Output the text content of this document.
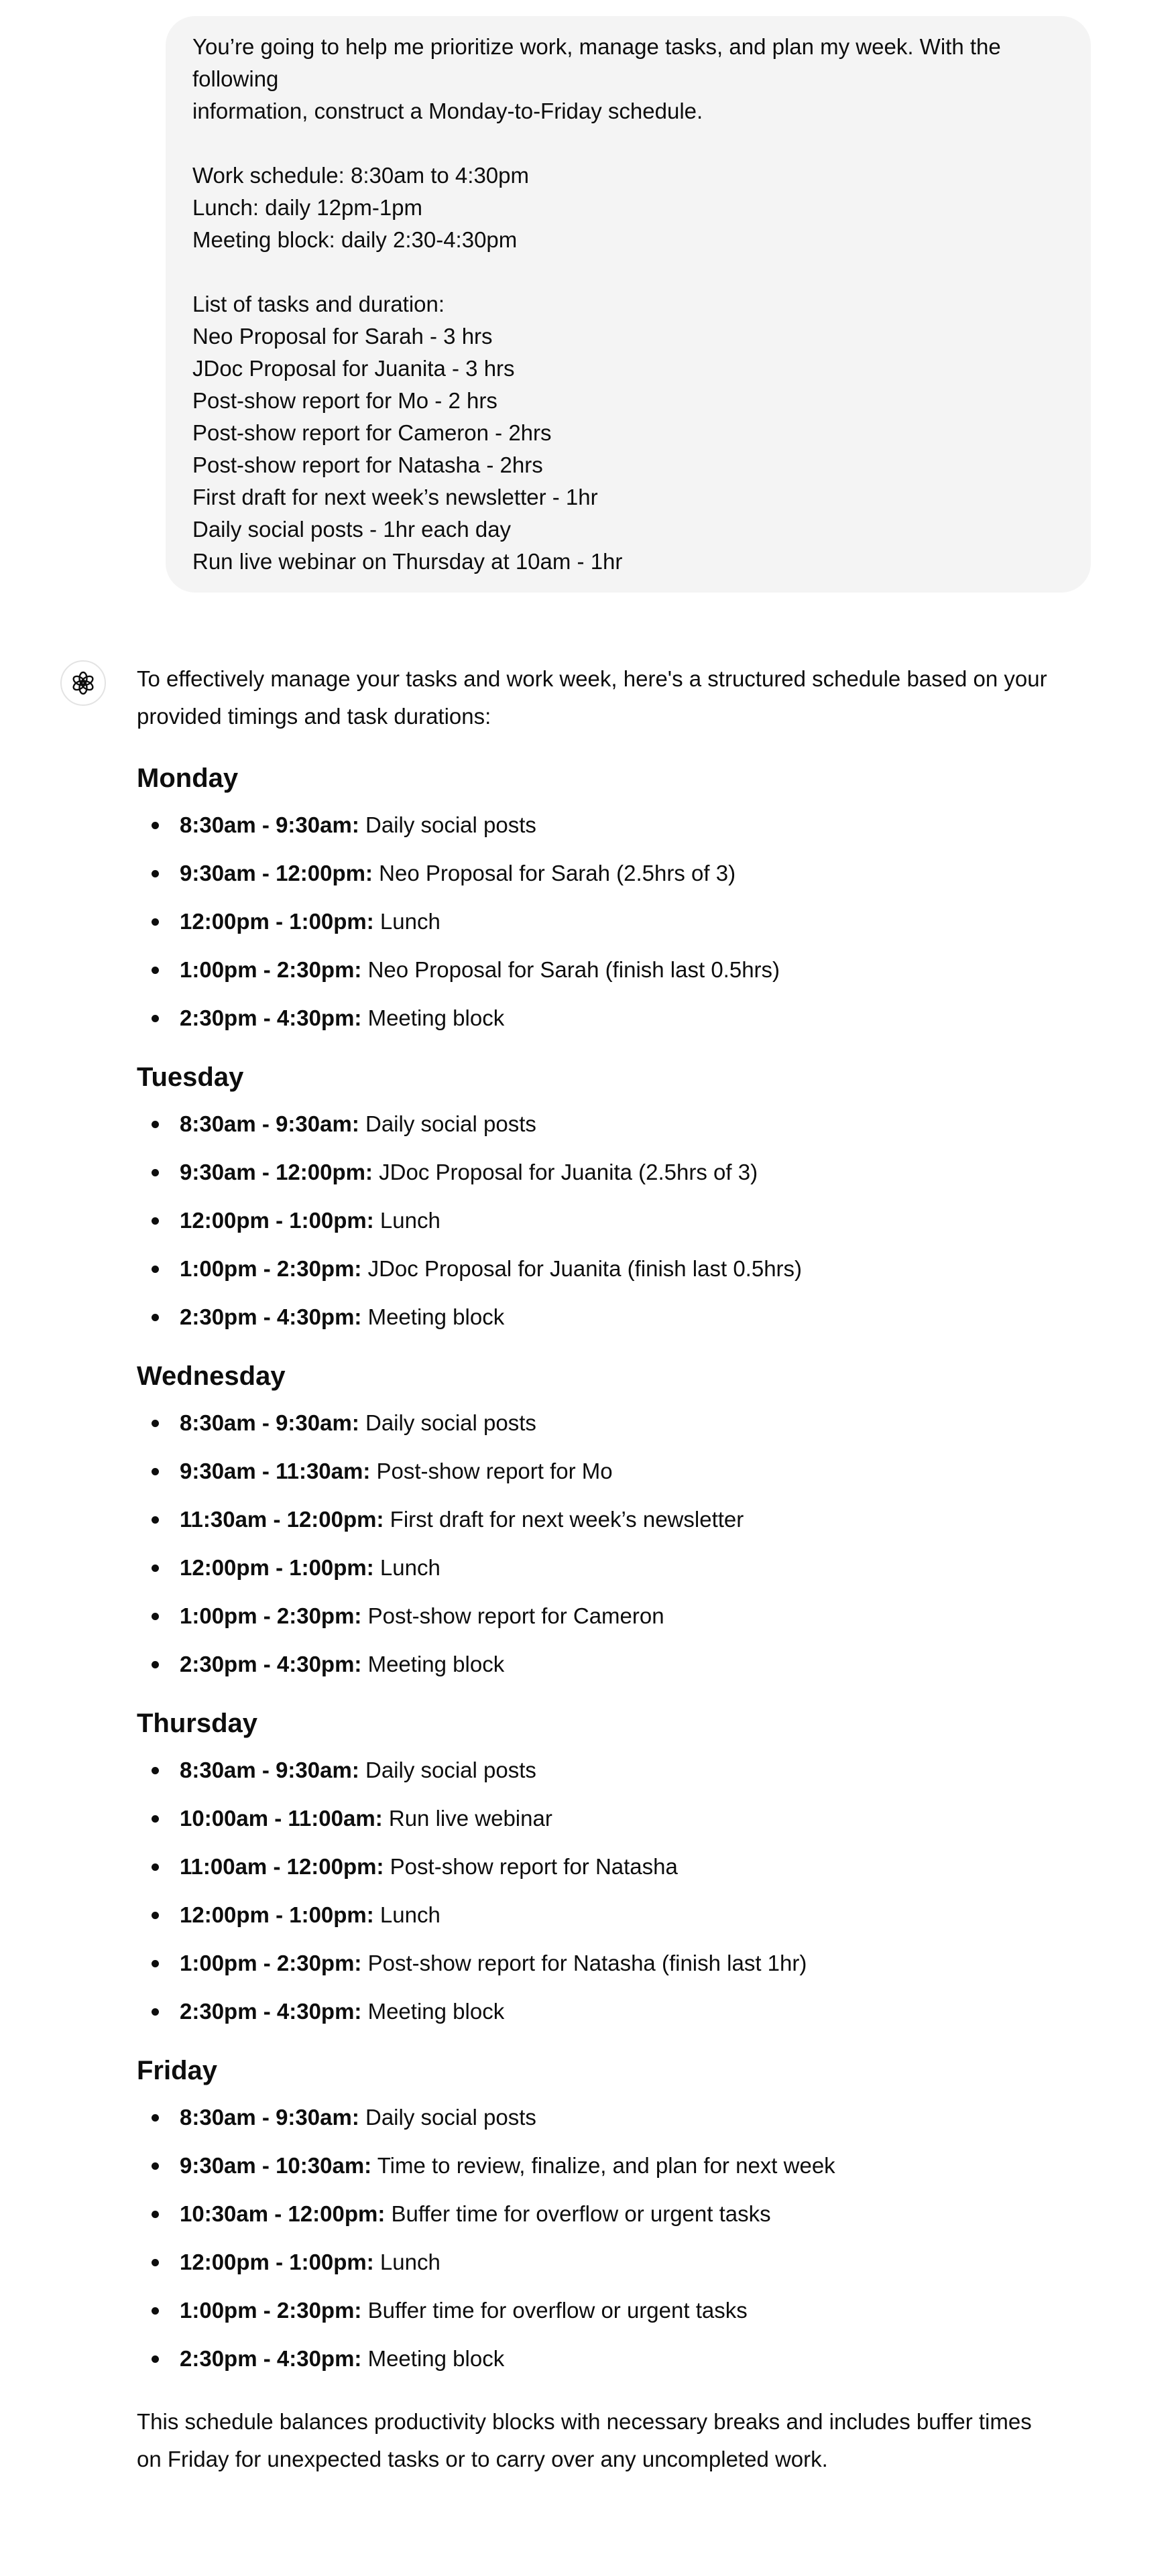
You’re going to help me prioritize work, manage tasks, and plan my week. With the following
information, construct a Monday-to-Friday schedule.
Work schedule: 8:30am to 4:30pm
Lunch: daily 12pm-1pm
Meeting block: daily 2:30-4:30pm
List of tasks and duration:
Neo Proposal for Sarah - 3 hrs
JDoc Proposal for Juanita - 3 hrs
Post-show report for Mo - 2 hrs
Post-show report for Cameron - 2hrs
Post-show report for Natasha - 2hrs
First draft for next week’s newsletter - 1hr
Daily social posts - 1hr each day
Run live webinar on Thursday at 10am - 1hr

To effectively manage your tasks and work week, here's a structured schedule based on your provided timings and task durations:

Monday
8:30am - 9:30am: Daily social posts
9:30am - 12:00pm: Neo Proposal for Sarah (2.5hrs of 3)
12:00pm - 1:00pm: Lunch
1:00pm - 2:30pm: Neo Proposal for Sarah (finish last 0.5hrs)
2:30pm - 4:30pm: Meeting block
Tuesday
8:30am - 9:30am: Daily social posts
9:30am - 12:00pm: JDoc Proposal for Juanita (2.5hrs of 3)
12:00pm - 1:00pm: Lunch
1:00pm - 2:30pm: JDoc Proposal for Juanita (finish last 0.5hrs)
2:30pm - 4:30pm: Meeting block
Wednesday
8:30am - 9:30am: Daily social posts
9:30am - 11:30am: Post-show report for Mo
11:30am - 12:00pm: First draft for next week’s newsletter
12:00pm - 1:00pm: Lunch
1:00pm - 2:30pm: Post-show report for Cameron
2:30pm - 4:30pm: Meeting block
Thursday
8:30am - 9:30am: Daily social posts
10:00am - 11:00am: Run live webinar
11:00am - 12:00pm: Post-show report for Natasha
12:00pm - 1:00pm: Lunch
1:00pm - 2:30pm: Post-show report for Natasha (finish last 1hr)
2:30pm - 4:30pm: Meeting block
Friday
8:30am - 9:30am: Daily social posts
9:30am - 10:30am: Time to review, finalize, and plan for next week
10:30am - 12:00pm: Buffer time for overflow or urgent tasks
12:00pm - 1:00pm: Lunch
1:00pm - 2:30pm: Buffer time for overflow or urgent tasks
2:30pm - 4:30pm: Meeting block

This schedule balances productivity blocks with necessary breaks and includes buffer times on Friday for unexpected tasks or to carry over any uncompleted work.
